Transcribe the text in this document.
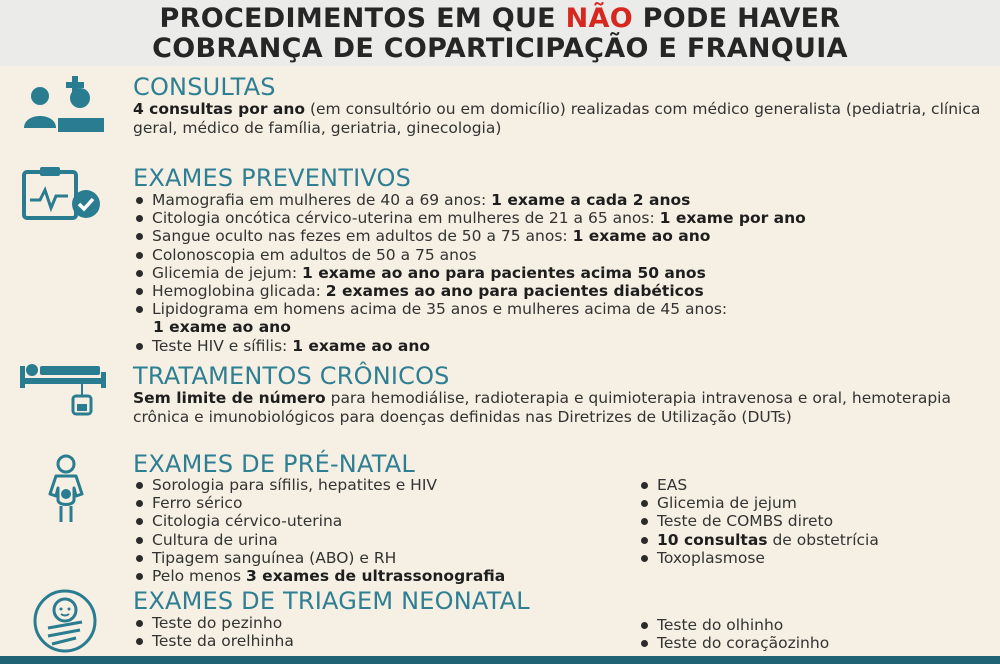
PROCEDIMENTOS EM QUE NÃO PODE HAVER
COBRANÇA DE COPARTICIPAÇÃO E FRANQUIA
CONSULTAS
4 consultas por ano (em consultório ou em domicílio) realizadas com médico generalista (pediatria, clínica geral, médico de família, geriatria, ginecologia)
EXAMES PREVENTIVOS
Mamografia em mulheres de 40 a 69 anos: 1 exame a cada 2 anos
Citologia oncótica cérvico-uterina em mulheres de 21 a 65 anos: 1 exame por ano
Sangue oculto nas fezes em adultos de 50 a 75 anos: 1 exame ao ano
Colonoscopia em adultos de 50 a 75 anos
Glicemia de jejum: 1 exame ao ano para pacientes acima 50 anos
Hemoglobina glicada: 2 exames ao ano para pacientes diabéticos
Lipidograma em homens acima de 35 anos e mulheres acima de 45 anos:
1 exame ao ano
Teste HIV e sífilis: 1 exame ao ano
TRATAMENTOS CRÔNICOS
Sem limite de número para hemodiálise, radioterapia e quimioterapia intravenosa e oral, hemoterapia crônica e imunobiológicos para doenças definidas nas Diretrizes de Utilização (DUTs)
EXAMES DE PRÉ-NATAL
Sorologia para sífilis, hepatites e HIV
Ferro sérico
Citologia cérvico-uterina
Cultura de urina
Tipagem sanguínea (ABO) e RH
Pelo menos 3 exames de ultrassonografia
EAS
Glicemia de jejum
Teste de COMBS direto
10 consultas de obstetrícia
Toxoplasmose
EXAMES DE TRIAGEM NEONATAL
Teste do pezinho
Teste da orelhinha
Teste do olhinho
Teste do coraçãozinho
